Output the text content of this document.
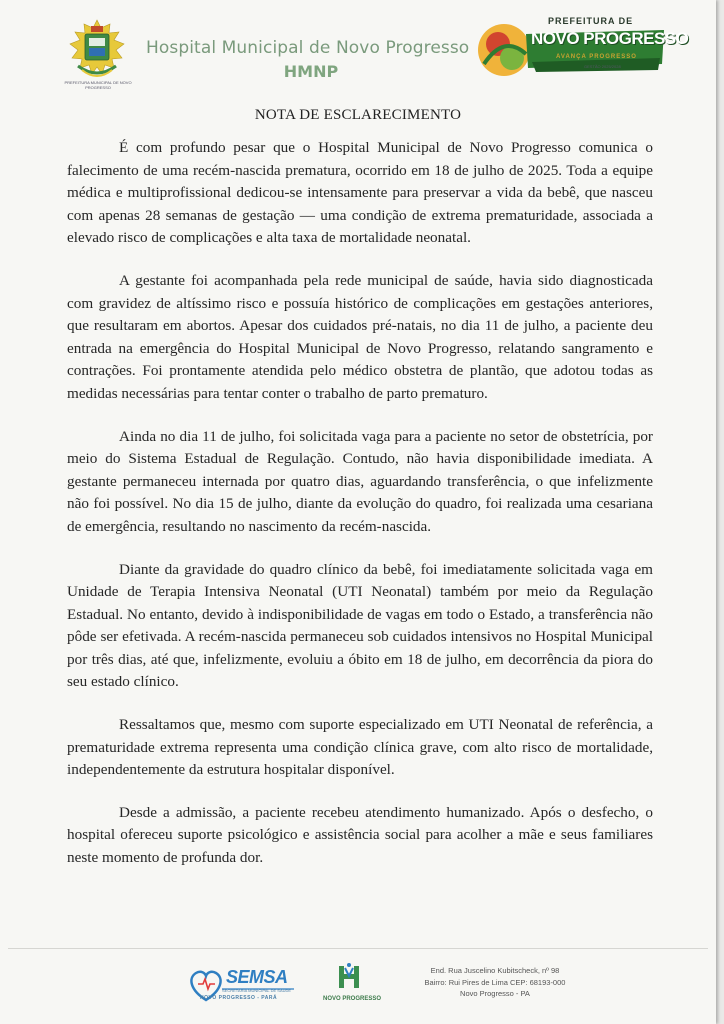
PREFEITURA MUNICIPAL DE NOVO PROGRESSO
Hospital Municipal de Novo Progresso
HMNP
PREFEITURA DE
NOVO PROGRESSO
AVANÇA PROGRESSO
GESTÃO 2025/2028
NOTA DE ESCLARECIMENTO

É com profundo pesar que o Hospital Municipal de Novo Progresso comunica o falecimento de uma recém-nascida prematura, ocorrido em 18 de julho de 2025. Toda a equipe médica e multiprofissional dedicou-se intensamente para preservar a vida da bebê, que nasceu com apenas 28 semanas de gestação — uma condição de extrema prematuridade, associada a elevado risco de complicações e alta taxa de mortalidade neonatal.

A gestante foi acompanhada pela rede municipal de saúde, havia sido diagnosticada com gravidez de altíssimo risco e possuía histórico de complicações em gestações anteriores, que resultaram em abortos. Apesar dos cuidados pré-natais, no dia 11 de julho, a paciente deu entrada na emergência do Hospital Municipal de Novo Progresso, relatando sangramento e contrações. Foi prontamente atendida pelo médico obstetra de plantão, que adotou todas as medidas necessárias para tentar conter o trabalho de parto prematuro.

Ainda no dia 11 de julho, foi solicitada vaga para a paciente no setor de obstetrícia, por meio do Sistema Estadual de Regulação. Contudo, não havia disponibilidade imediata. A gestante permaneceu internada por quatro dias, aguardando transferência, o que infelizmente não foi possível. No dia 15 de julho, diante da evolução do quadro, foi realizada uma cesariana de emergência, resultando no nascimento da recém-nascida.

Diante da gravidade do quadro clínico da bebê, foi imediatamente solicitada vaga em Unidade de Terapia Intensiva Neonatal (UTI Neonatal) também por meio da Regulação Estadual. No entanto, devido à indisponibilidade de vagas em todo o Estado, a transferência não pôde ser efetivada. A recém-nascida permaneceu sob cuidados intensivos no Hospital Municipal por três dias, até que, infelizmente, evoluiu a óbito em 18 de julho, em decorrência da piora do seu estado clínico.

Ressaltamos que, mesmo com suporte especializado em UTI Neonatal de referência, a prematuridade extrema representa uma condição clínica grave, com alto risco de mortalidade, independentemente da estrutura hospitalar disponível.

Desde a admissão, a paciente recebeu atendimento humanizado. Após o desfecho, o hospital ofereceu suporte psicológico e assistência social para acolher a mãe e seus familiares neste momento de profunda dor.

SEMSA
SECRETARIA MUNICIPAL DE SAÚDE
NOVO PROGRESSO - PARÁ	NOVO PROGRESSO
End. Rua Juscelino Kubitscheck, nº 98
Bairro: Rui Pires de Lima CEP: 68193-000
Novo Progresso - PA
